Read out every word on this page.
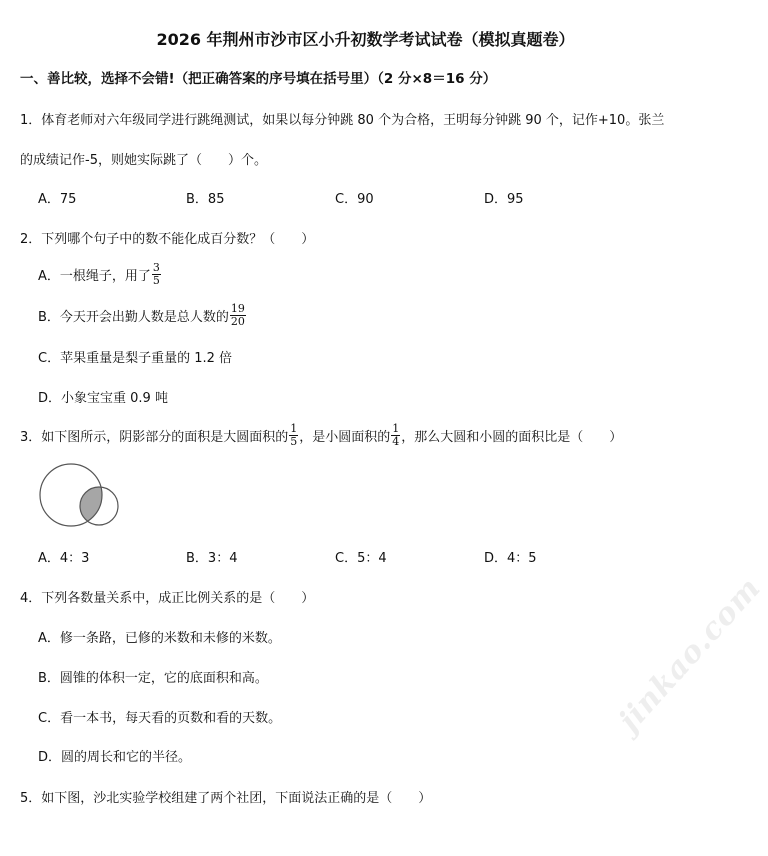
2026 年荆州市沙市区小升初数学考试试卷（模拟真题卷）
一、善比较，选择不会错!（把正确答案的序号填在括号里）（2 分×8＝16 分）
1．体育老师对六年级同学进行跳绳测试，如果以每分钟跳 80 个为合格，王明每分钟跳 90 个，记作+10。张兰
的成绩记作-5，则她实际跳了（　　）个。
A．75	B．85	C．90	D．95
2．下列哪个句子中的数不能化成百分数？（　　）
A．一根绳子，用了 $\frac{3}{5}$
B．今天开会出勤人数是总人数的 $\frac{19}{20}$
C．苹果重量是梨子重量的 1.2 倍
D．小象宝宝重 0.9 吨
3．如下图所示，阴影部分的面积是大圆面积的 $\frac{1}{5}$ ，是小圆面积的 $\frac{1}{4}$ ，那么大圆和小圆的面积比是（　　）
A．4：3	B．3：4	C．5：4	D．4：5
4．下列各数量关系中，成正比例关系的是（　　）
A．修一条路，已修的米数和未修的米数。
B．圆锥的体积一定，它的底面积和高。
C．看一本书，每天看的页数和看的天数。
D．圆的周长和它的半径。
5．如下图，沙北实验学校组建了两个社团，下面说法正确的是（　　）
jinkao.com
